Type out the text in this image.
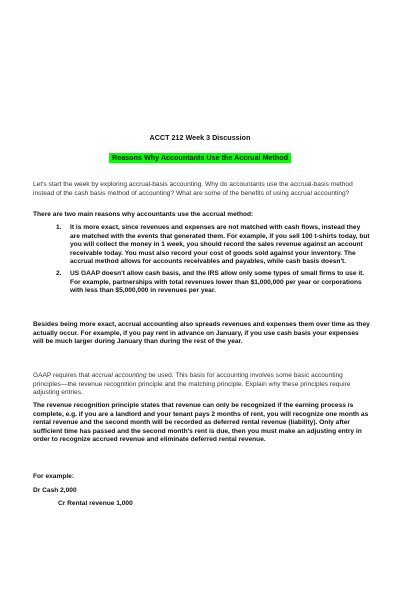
ACCT 212 Week 3 Discussion
Reasons Why Accountants Use the Accrual Method

Let's start the week by exploring accrual-basis accounting. Why do accountants use the accrual-basis method instead of the cash basis method of accounting? What are some of the benefits of using accrual accounting?

There are two main reasons why accountants use the accrual method:

1. It is more exact, since revenues and expenses are not matched with cash flows, instead they are matched with the events that generated them. For example, if you sell 100 t-shirts today, but you will collect the money in 1 week, you should record the sales revenue against an account receivable today. You must also record your cost of goods sold against your inventory. The accrual method allows for accounts receivables and payables, while cash basis doesn't.
2. US GAAP doesn't allow cash basis, and the IRS allow only some types of small firms to use it. For example, partnerships with total revenues lower than $1,000,000 per year or corporations with less than $5,000,000 in revenues per year.

Besides being more exact, accrual accounting also spreads revenues and expenses them over time as they actually occur. For example, if you pay rent in advance on January, if you use cash basis your expenses will be much larger during January than during the rest of the year.

GAAP requires that accrual accounting be used. This basis for accounting involves some basic accounting principles—the revenue recognition principle and the matching principle. Explain why these principles require adjusting entries.

The revenue recognition principle states that revenue can only be recognized if the earning process is complete, e.g. if you are a landlord and your tenant pays 2 months of rent, you will recognize one month as rental revenue and the second month will be recorded as deferred rental revenue (liability). Only after sufficient time has passed and the second month's rent is due, then you must make an adjusting entry in order to recognize accrued revenue and eliminate deferred rental revenue.

For example:

Dr Cash 2,000

Cr Rental revenue 1,000
